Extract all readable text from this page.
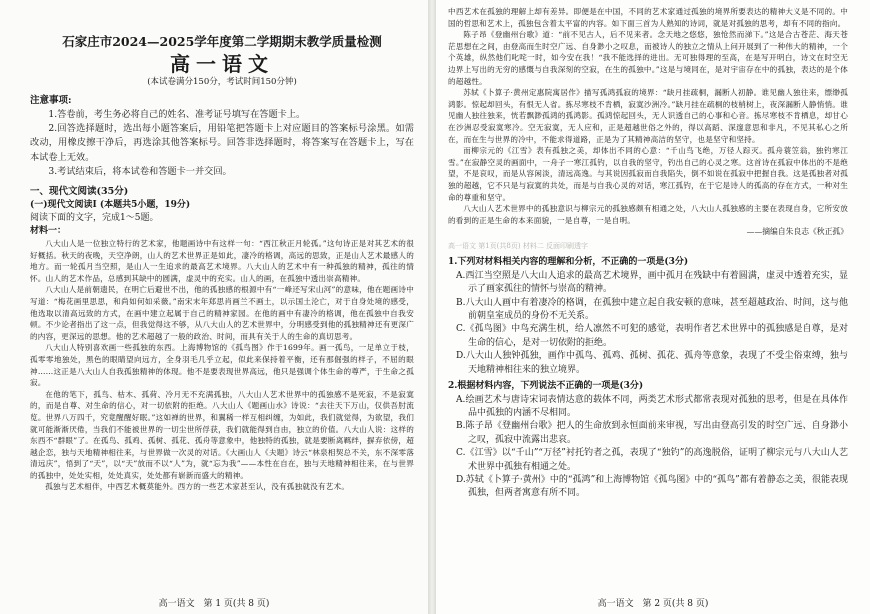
石家庄市2024—2025学年度第二学期期末教学质量检测
高一语文
(本试卷满分150分，考试时间150分钟)
注意事项:

1.答卷前，考生务必将自己的姓名、准考证号填写在答题卡上。

2.回答选择题时，选出每小题答案后，用铅笔把答题卡上对应题目的答案标号涂黑。如需改动，用橡皮擦干净后，再选涂其他答案标号。回答非选择题时，将答案写在答题卡上，写在本试卷上无效。

3.考试结束后，将本试卷和答题卡一并交回。

一、现代文阅读(35分)
(一)现代文阅读Ⅰ (本题共5小题，19分)
阅读下面的文字，完成1～5题。
材料一：

八大山人是一位独立特行的艺术家，他题画诗中有这样一句：“西江秋正月轮孤。”这句诗正是对其艺术的很好概括。秋天的夜晚，天空净朗，山人的艺术世界正是如此，凄冷的格调，高远的思致，正是山人艺术最感人的地方。而一轮孤月当空照，是山人一生追求的最高艺术境界。八大山人的艺术中有一种孤独的精神，孤往的情怀。山人的艺术作品，总感到其缺中的圆满，虚灵中的充实。山人的画，在孤独中透出崇高精神。

八大山人是前朝遗民，在明亡后避世不出，他的孤独感的根源中有“一峰还写宋山河”的意味，他在题画诗中写道：“梅花画里思思，和尚如何如采薇。”南宋末年郑思肖画兰不画土，以示国土沦亡，对于自身处境的感受，他选取以清高远致的方式，在画中建立起属于自己的精神家园。在他的画中有凄冷的格调，他在孤独中自我安顿。不少论者指出了这一点，但我觉得这不够，从八大山人的艺术世界中，分明感受到他的孤独精神还有更深广的内容，更深远的思想。他的艺术超越了一般的政治、时间，而具有关于人的生命的真切思考。

八大山人特别喜欢画一些孤独的东西。上海博物馆的《孤鸟图》作于1699年。画一孤鸟，一足单立于枝，孤零零地独处，黑色的眼睛望向远方，全身羽毛几乎立起，似此来保持着平衡，还有那倔强的样子，不屈的眼神……这正是八大山人自我孤独精神的体现。他不是要表现世界高远，他只是强调个体生命的尊严，于生命之孤寂。

在他的笔下，孤鸟、枯木、孤荷、冷月无不充满孤独，八大山人艺术世界中的孤独感不是死寂，不是寂寞的，而是自尊、对生命的信心，对一切依附的拒绝。八大山人《题画山水》诗说：“去往天下万山，仅供吾肘流览。世界八万四千，究竟醒醒好眠。”这如禅的世界，和翼稀一样互相纠缠，为如此，我们就觉得，为欲望，我们就可能渐渐厌倦，当我们不能被世界的一切尘世所俘获，我们就能得到自由，独立的价值。八大山人说：这样的东西不“群眼”了。在孤鸟、孤鸡、孤树、孤花、孤舟等意象中，他独特的孤独，就是要断离羁绊，摒弃依傍，超越企恋，独与天地精神相往来，与世界做一次灵的对话。《大画山人《夫题》诗云“林泉相契总不关，东不深零落清远庆”，悟到了“天”，以“天”放而不以“人”为，就“忘为我”——本性在自在，独与天地精神相往来，在与世界的孤独中，处处实相，处处真实，处处都有崭新而盛大的精神。

孤独与艺术相伴，中西艺术概莫能外。西方的一些艺术家甚至认，没有孤独就没有艺术。

高一语文 第 1 页(共 8 页)

中西艺术在孤独的理解上却有差异。即便是在中国，不同的艺术家通过孤独的境界所要表达的精神大义是不同的。中国的哲思和艺术上，孤独包含着太平富的内容。如下面三首为人熟知的诗词，就是对孤独的思考，却有不同的指向。

陈子昂《登幽州台歌》道：“前不见古人，后不见来者。念天地之悠悠，独怆然而涕下。”这是合古苍茫、海天苍茫思想在之间，由登高而生时空广远、自身渺小之叹息，而被诗人的独立之情从上问开展到了一种伟大的精神，一个个英雄，纵然他们叱咤一时，如今安在我！“我不能选择的进出。无可独得理的至高，在是写开明白，诗文在时空无边界上写出的无穷的感慨与自我深刻的空寂，在生的孤独中。”这是与境同在，是对宇宙存在中的孤独，表达的是个体的超越性。

苏轼《卜算子·黄州定惠院寓居作》描写孤鸿孤寂的境界：“缺月挂疏桐，漏断人初静。谁见幽人独往来，缥缈孤鸿影。惊起却回头，有恨无人省。拣尽寒枝不肯栖，寂寞沙洲冷。”缺月挂在疏桐的枝梢树上，夜深漏断人静悄悄。谁见幽人独往独来，恍若飘渺孤鸿的孤鸿影。孤鸿惊起回头，无人识透自己的心事和心音。拣尽寒枝不肯栖息，却甘心在沙洲忍受寂寞寒冷。空无寂寞，无人应和，正是超越世俗之外的，得以高蹈、深邃意思和非凡，不见其私心之所在，而在生与世界的冷中，不能求得道路，正是为了其精神高洁的坚守，也是坚守和坚持。

而柳宗元的《江雪》表有孤独之美，却体出不同的心意：“千山鸟飞绝，万径人踪灭。孤舟蓑笠翁，独钓寒江雪。”在寂静空灵的画面中，一舟子一寒江孤钓，以自我的坚守，钓出自己的心灵之寒。这首诗在孤寂中体出的不是绝望，不是哀叹，而是从容闲淡，清远高逸。与其说因孤寂而自我陷失，倒不如说在孤寂中把握自我。这是孤独者对孤独的超越，它不只是与寂寞的共处，而是与自我心灵的对话，寒江孤钓，在于它是诗人的孤高的存在方式，一种对生命的尊重和坚守。

八大山人艺术世界中的孤独意识与柳宗元的孤独感颇有相通之处，八大山人孤独感的主要在表现自身，它所安放的看到的正是生命的本来面貌，一是自尊，一是自明。

——摘编自朱良志《秋正孤》
高一语文 第1页(共8页) 材料二 反面印刷透字
1.下列对材料相关内容的理解和分析，不正确的一项是(3分)
A.西江当空照是八大山人追求的最高艺术境界，画中孤月在残缺中有着圆满，虚灵中透着充实，显示了画家孤往的情怀与崇高的精神。
B.八大山人画中有着凄冷的格调，在孤独中建立起自我安顿的意味，甚至超越政治、时间，这与他前朝皇室成员的身份不无关系。
C.《孤鸟图》中鸟充满生机，给人凛然不可犯的感觉，表明作者艺术世界中的孤独感是自尊，是对生命的信心，是对一切依附的拒绝。
D.八大山人独钟孤独，画作中孤鸟、孤鸡、孤树、孤花、孤舟等意象，表现了不受尘俗束缚，独与天地精神相往来的独立境界。
2.根据材料内容，下列说法不正确的一项是(3分)
A.绘画艺术与唐诗宋词表情达意的载体不同，两类艺术形式都常表现对孤独的思考，但是在具体作品中孤独的内涵不尽相同。
B.陈子昂《登幽州台歌》把人的生命放到永恒面前来审视，写出由登高引发的时空广远、自身渺小之叹，孤寂中流露出悲哀。
C.《江雪》以“千山”“万径”衬托钓者之孤，表现了“独钓”的高逸脱俗，证明了柳宗元与八大山人艺术世界中孤独有相通之处。
D.苏轼《卜算子·黄州》中的“孤鸿”和上海博物馆《孤鸟图》中的“孤鸟”都有着静态之美，很能表现孤独，但两者寓意有所不同。
高一语文 第 2 页(共 8 页)
